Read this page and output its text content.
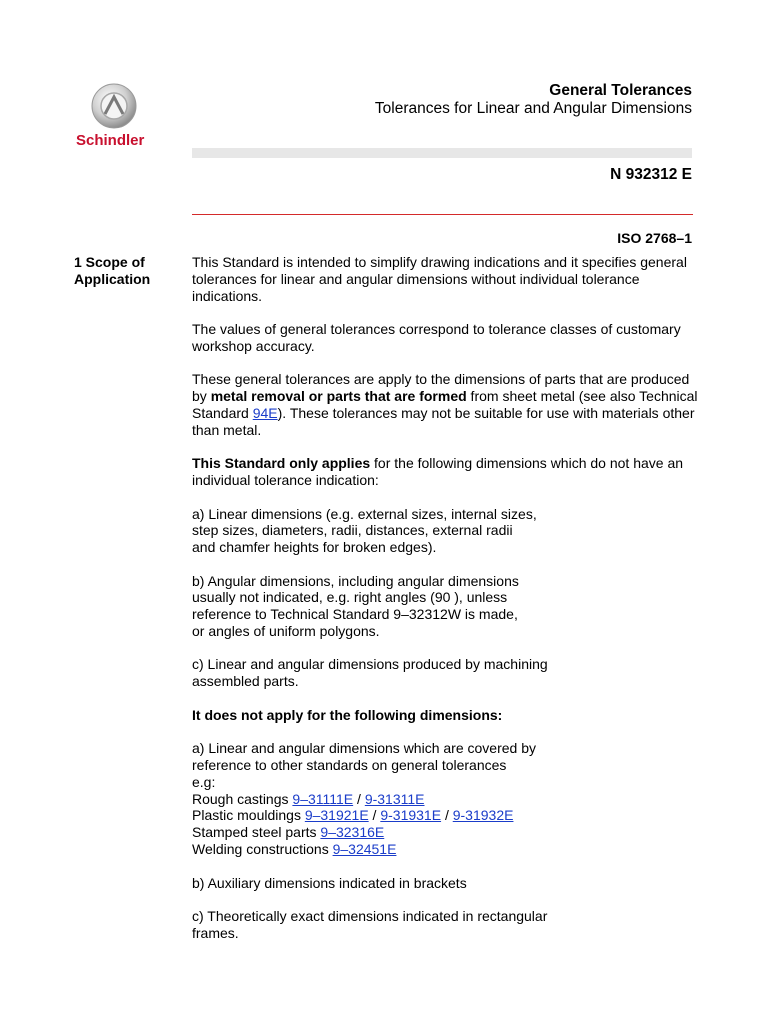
Schindler
General Tolerances
Tolerances for Linear and Angular Dimensions
N 932312 E
ISO 2768–1
1 Scope of
Application

This Standard is intended to simplify drawing indications and it specifies general tolerances for linear and angular dimensions without individual tolerance indications.

The values of general tolerances correspond to tolerance classes of customary workshop accuracy.

These general tolerances are apply to the dimensions of parts that are produced by metal removal or parts that are formed from sheet metal (see also Technical Standard 94E). These tolerances may not be suitable for use with materials other than metal.

This Standard only applies for the following dimensions which do not have an individual tolerance indication:

a) Linear dimensions (e.g. external sizes, internal sizes,
step sizes, diameters, radii, distances, external radii
and chamfer heights for broken edges).

b) Angular dimensions, including angular dimensions
usually not indicated, e.g. right angles (90 ), unless
reference to Technical Standard 9–32312W is made,
or angles of uniform polygons.

c) Linear and angular dimensions produced by machining
assembled parts.

It does not apply for the following dimensions:

a) Linear and angular dimensions which are covered by
reference to other standards on general tolerances
e.g:
Rough castings 9–31111E / 9-31311E
Plastic mouldings 9–31921E / 9-31931E / 9-31932E
Stamped steel parts 9–32316E
Welding constructions 9–32451E

b) Auxiliary dimensions indicated in brackets

c) Theoretically exact dimensions indicated in rectangular
frames.
